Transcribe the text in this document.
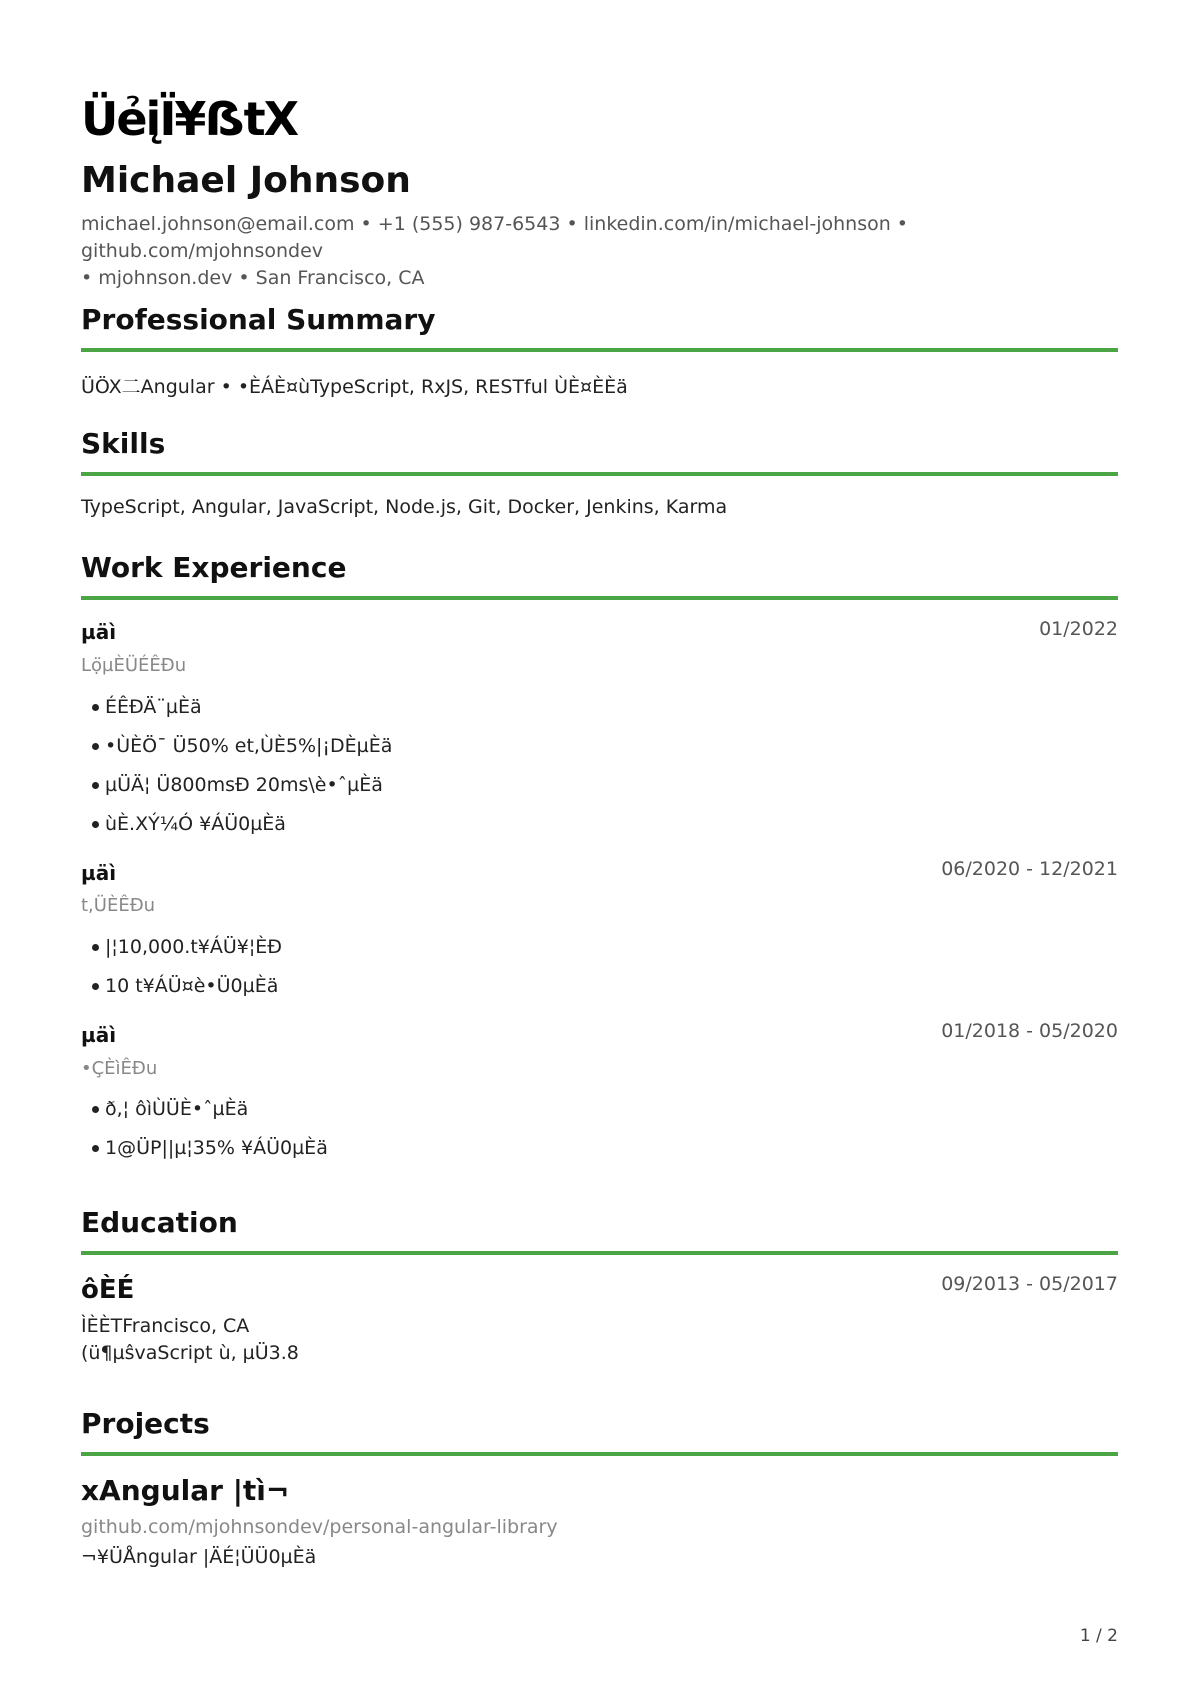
ÜẻįÏ¥ẞtX
Michael Johnson
michael.johnson@email.com • +1 (555) 987-6543 • linkedin.com/in/michael-johnson • github.com/mjohnsondev
• mjohnson.dev • San Francisco, CA
Professional Summary
ÜÖX㆓Angular • •ÈÁÈ¤ùTypeScript, RxJS, RESTful ÙÈ¤ÈÈä
Skills
TypeScript, Angular, JavaScript, Node.js, Git, Docker, Jenkins, Karma
Work Experience
µäì
Lọ̈µÈÜÉÊÐu
01/2022
ÉÊÐÄ¨µÈä
•ÙÈÖ¯ Ü50% et,ÙÈ5%|¡DÈµÈä
µÜÄ¦ Ü800msÐ 20ms\è•ˆµÈä
ùÈ.XÝ¼Ó ¥ÁÜ0µÈä
µäì
t,ÜÈÊÐu
06/2020 - 12/2021
|¦10,000.t¥ÁÜ¥¦ÈÐ
10 t¥ÁÜ¤è•Ü0µÈä
µäì
•ÇÈìÊÐu
01/2018 - 05/2020
ð,¦ ôìÙÜÈ•ˆµÈä
1@ÜP||µ¦35% ¥ÁÜ0µÈä
Education
ôÈÉ	09/2013 - 05/2017
ÌÈÈTFrancisco, CA
(ü¶µŝvaScript ù, µÜ3.8
Projects
xAngular |tì¬
github.com/mjohnsondev/personal-angular-library
¬¥ÜÅngular |ÄÉ¦ÜÜ0µÈä
1 / 2
